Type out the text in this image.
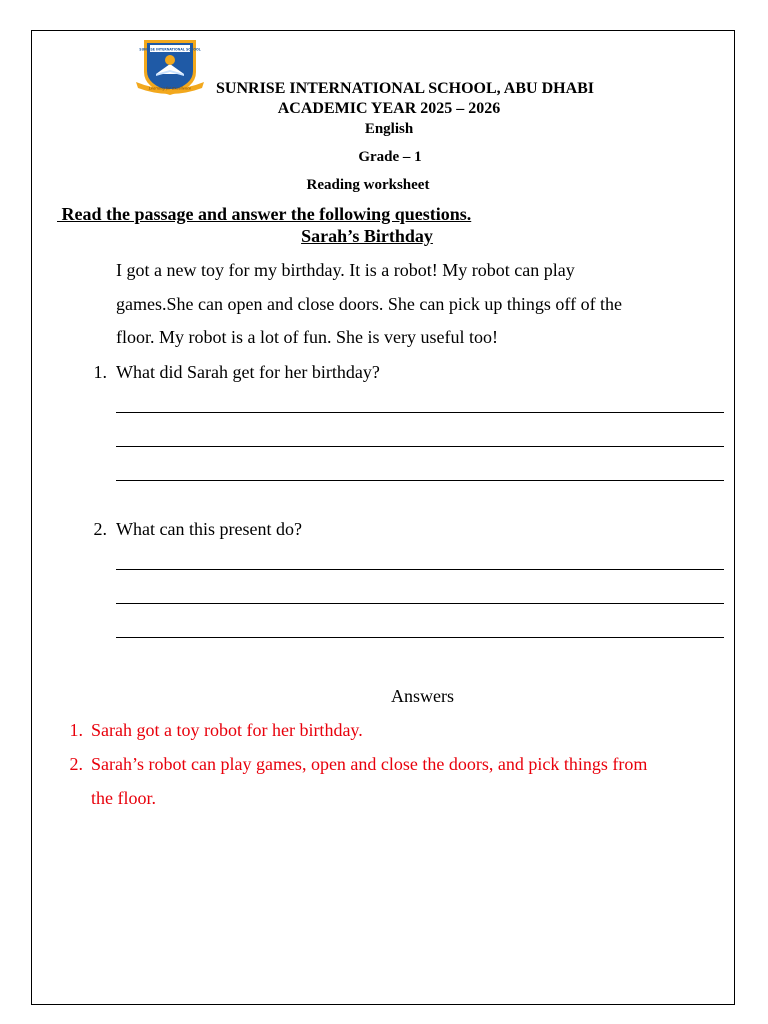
SUNRISE INTERNATIONAL SCHOOL
Learning for Excellence SUNRISE INTERNATIONAL SCHOOL, ABU DHABI
ACADEMIC YEAR 2025 – 2026
English
Grade – 1
Reading worksheet
Read the passage and answer the following questions.
Sarah’s Birthday
I got a new toy for my birthday. It is a robot! My robot can play
games.She can open and close doors. She can pick up things off of the
floor. My robot is a lot of fun. She is very useful too!
1. What did Sarah get for her birthday?
2. What can this present do?
Answers
1. Sarah got a toy robot for her birthday.
2. Sarah’s robot can play games, open and close the doors, and pick things from
the floor.
